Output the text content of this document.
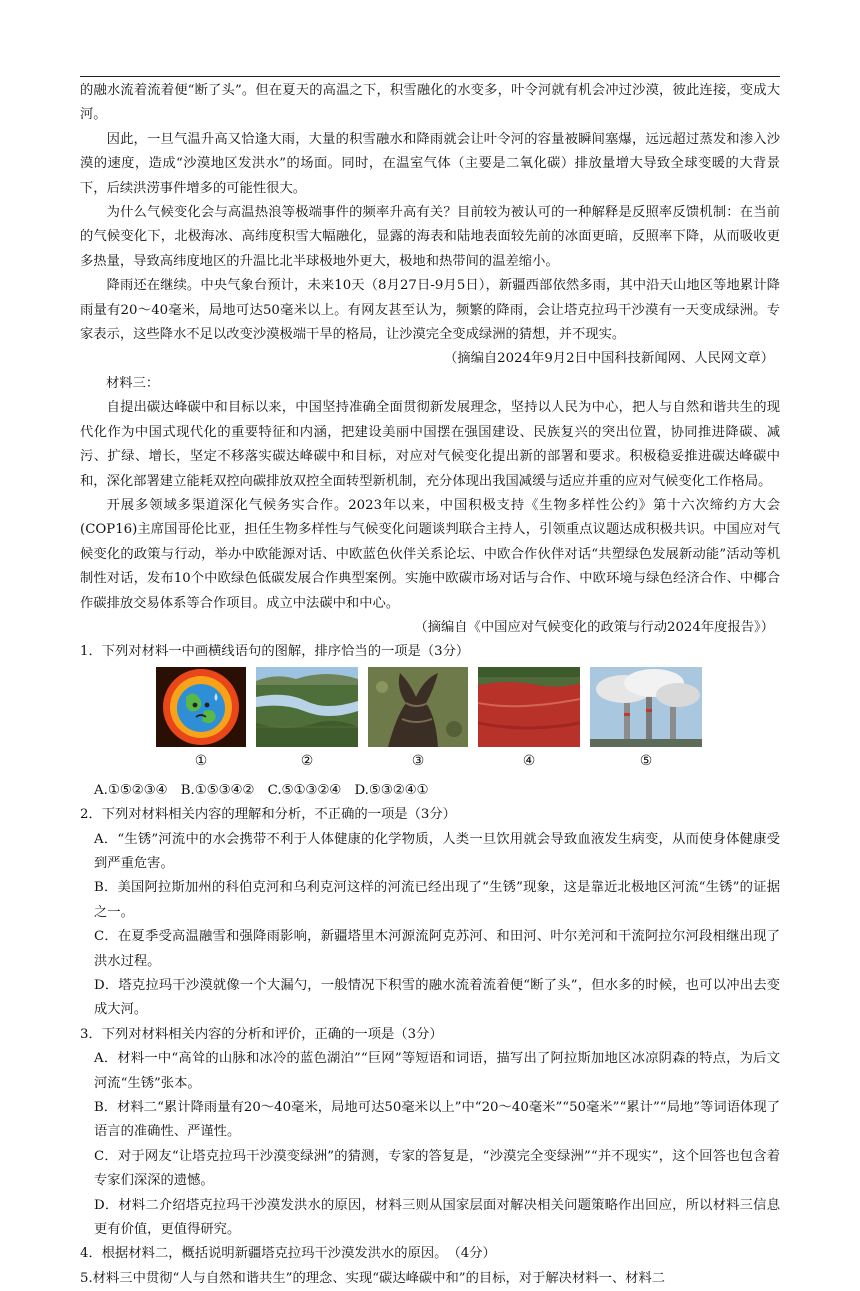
的融水流着流着便“断了头”。但在夏天的高温之下，积雪融化的水变多，叶令河就有机会冲过沙漠，彼此连接，变成大河。

因此，一旦气温升高又恰逢大雨，大量的积雪融水和降雨就会让叶令河的容量被瞬间塞爆，远远超过蒸发和渗入沙漠的速度，造成“沙漠地区发洪水”的场面。同时，在温室气体（主要是二氧化碳）排放量增大导致全球变暖的大背景下，后续洪涝事件增多的可能性很大。

为什么气候变化会与高温热浪等极端事件的频率升高有关？目前较为被认可的一种解释是反照率反馈机制：在当前的气候变化下，北极海冰、高纬度积雪大幅融化，显露的海表和陆地表面较先前的冰面更暗，反照率下降，从而吸收更多热量，导致高纬度地区的升温比北半球极地外更大，极地和热带间的温差缩小。

降雨还在继续。中央气象台预计，未来10天（8月27日-9月5日），新疆西部依然多雨，其中沿天山地区等地累计降雨量有20～40毫米，局地可达50毫米以上。有网友甚至认为，频繁的降雨，会让塔克拉玛干沙漠有一天变成绿洲。专家表示，这些降水不足以改变沙漠极端干旱的格局，让沙漠完全变成绿洲的猜想，并不现实。

（摘编自2024年9月2日中国科技新闻网、人民网文章）

材料三：

自提出碳达峰碳中和目标以来，中国坚持准确全面贯彻新发展理念，坚持以人民为中心，把人与自然和谐共生的现代化作为中国式现代化的重要特征和内涵，把建设美丽中国摆在强国建设、民族复兴的突出位置，协同推进降碳、减污、扩绿、增长，坚定不移落实碳达峰碳中和目标，对应对气候变化提出新的部署和要求。积极稳妥推进碳达峰碳中和，深化部署建立能耗双控向碳排放双控全面转型新机制，充分体现出我国减缓与适应并重的应对气候变化工作格局。

开展多领域多渠道深化气候务实合作。2023年以来，中国积极支持《生物多样性公约》第十六次缔约方大会(COP16)主席国哥伦比亚，担任生物多样性与气候变化问题谈判联合主持人，引领重点议题达成积极共识。中国应对气候变化的政策与行动，举办中欧能源对话、中欧蓝色伙伴关系论坛、中欧合作伙伴对话“共塑绿色发展新动能”活动等机制性对话，发布10个中欧绿色低碳发展合作典型案例。实施中欧碳市场对话与合作、中欧环境与绿色经济合作、中椰合作碳排放交易体系等合作项目。成立中法碳中和中心。

（摘编自《中国应对气候变化的政策与行动2024年度报告》）

1．下列对材料一中画横线语句的图解，排序恰当的一项是（3分）

①	②	③	④	⑤

A.①⑤②③④　B.①⑤③④②　C.⑤①③②④　D.⑤③②④①

2．下列对材料相关内容的理解和分析，不正确的一项是（3分）

A．“生锈”河流中的水会携带不利于人体健康的化学物质，人类一旦饮用就会导致血液发生病变，从而使身体健康受到严重危害。

B．美国阿拉斯加州的科伯克河和乌利克河这样的河流已经出现了“生锈”现象，这是靠近北极地区河流“生锈”的证据之一。

C．在夏季受高温融雪和强降雨影响，新疆塔里木河源流阿克苏河、和田河、叶尔羌河和干流阿拉尔河段相继出现了洪水过程。

D．塔克拉玛干沙漠就像一个大漏勺，一般情况下积雪的融水流着流着便“断了头”，但水多的时候，也可以冲出去变成大河。

3．下列对材料相关内容的分析和评价，正确的一项是（3分）

A．材料一中“高耸的山脉和冰冷的蓝色湖泊”“巨网”等短语和词语，描写出了阿拉斯加地区冰凉阴森的特点，为后文河流“生锈”张本。

B．材料二“累计降雨量有20～40毫米，局地可达50毫米以上”中“20～40毫米”“50毫米”“累计”“局地”等词语体现了语言的准确性、严谨性。

C．对于网友“让塔克拉玛干沙漠变绿洲”的猜测，专家的答复是，“沙漠完全变绿洲”“并不现实”，这个回答也包含着专家们深深的遗憾。

D．材料二介绍塔克拉玛干沙漠发洪水的原因，材料三则从国家层面对解决相关问题策略作出回应，所以材料三信息更有价值，更值得研究。

4．根据材料二，概括说明新疆塔克拉玛干沙漠发洪水的原因。　（4分）

5.材料三中贯彻“人与自然和谐共生”的理念、实现“碳达峰碳中和”的目标，对于解决材料一、材料二
